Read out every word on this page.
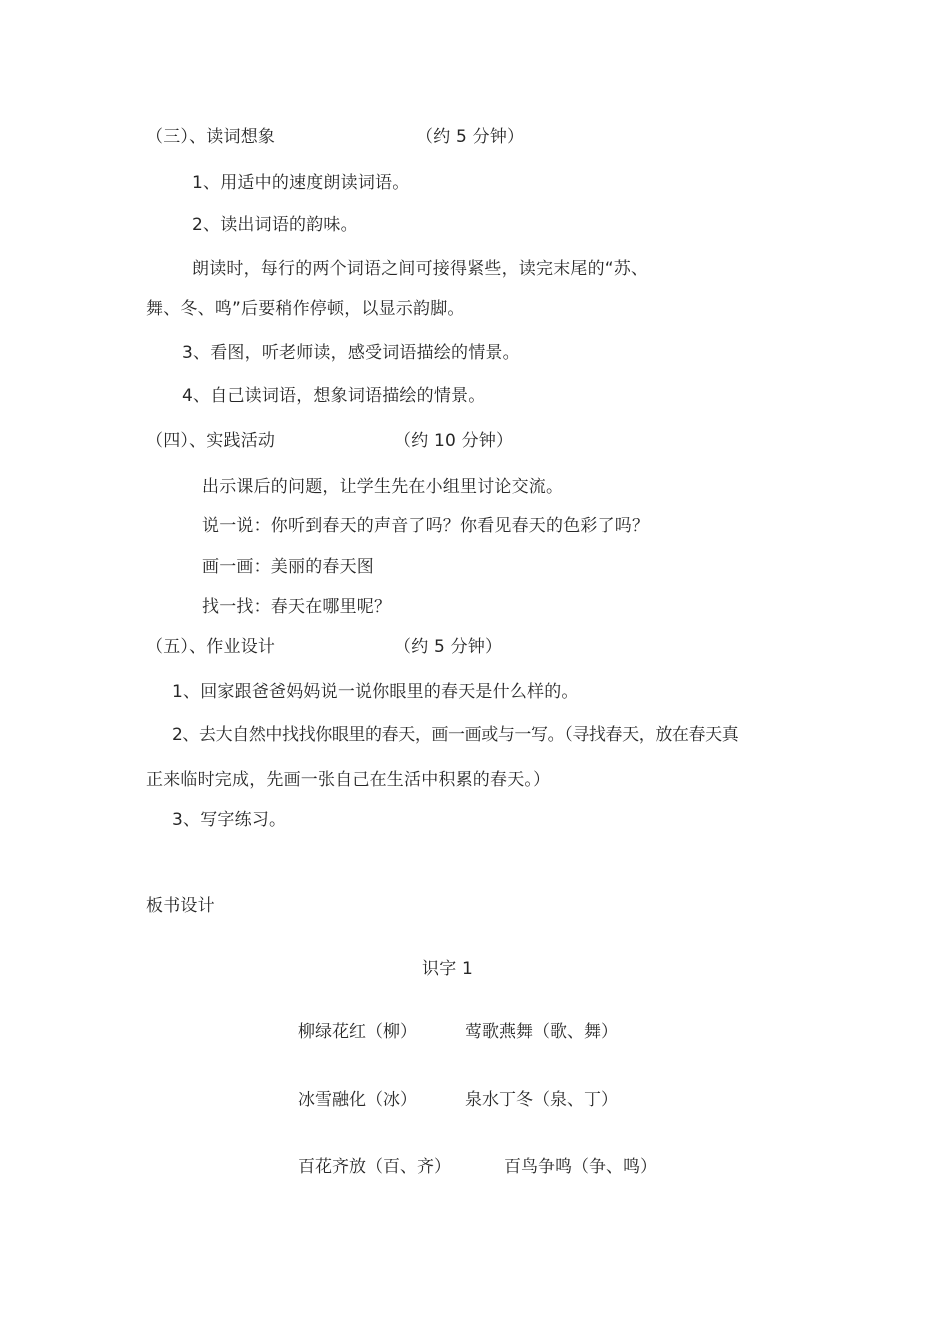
（三）、读词想象	（约 5 分钟）
1、用适中的速度朗读词语。
2、读出词语的韵味。
朗读时，每行的两个词语之间可接得紧些，读完末尾的“苏、
舞、冬、鸣”后要稍作停顿，以显示韵脚。
3、看图，听老师读，感受词语描绘的情景。
4、自己读词语，想象词语描绘的情景。
（四）、实践活动	（约 10 分钟）
出示课后的问题，让学生先在小组里讨论交流。
说一说：你听到春天的声音了吗？你看见春天的色彩了吗？
画一画：美丽的春天图
找一找：春天在哪里呢？
（五）、作业设计	（约 5 分钟）
1、回家跟爸爸妈妈说一说你眼里的春天是什么样的。
2、去大自然中找找你眼里的春天，画一画或与一写。（寻找春天，放在春天真
正来临时完成，先画一张自己在生活中积累的春天。）
3、写字练习。
板书设计
识字 1
柳绿花红（柳）	莺歌燕舞（歌、舞）
冰雪融化（冰）	泉水丁冬（泉、丁）
百花齐放（百、齐）	百鸟争鸣（争、鸣）
